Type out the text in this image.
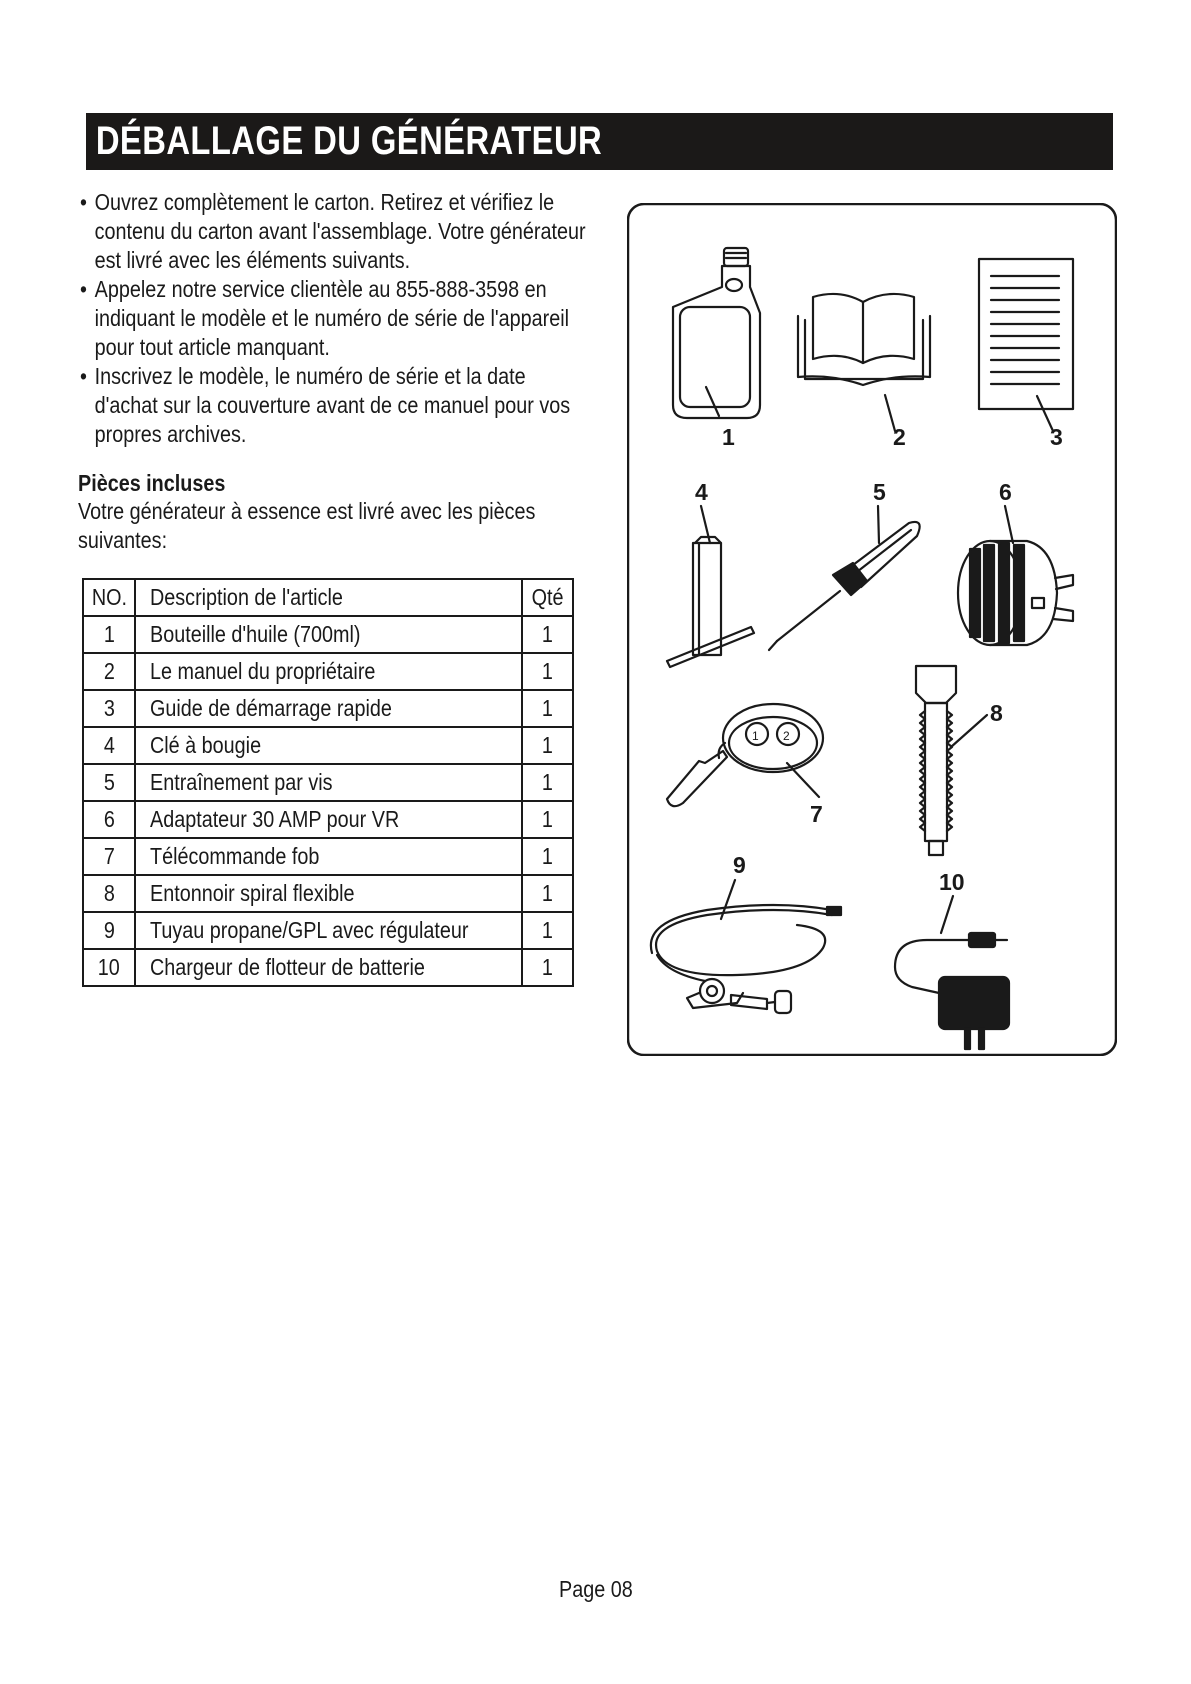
DÉBALLAGE DU GÉNÉRATEUR
• Ouvrez complètement le carton. Retirez et vérifiez le contenu du carton avant l'assemblage. Votre générateur est livré avec les éléments suivants.
• Appelez notre service clientèle au 855-888-3598 en indiquant le modèle et le numéro de série de l'appareil pour tout article manquant.
• Inscrivez le modèle, le numéro de série et la date d'achat sur la couverture avant de ce manuel pour vos propres archives.

Pièces incluses

Votre générateur à essence est livré avec les pièces suivantes:

NO.	Description de l'article	Qté
1	Bouteille d'huile (700ml)	1
2	Le manuel du propriétaire	1
3	Guide de démarrage rapide	1
4	Clé à bougie	1
5	Entraînement par vis	1
6	Adaptateur 30 AMP pour VR	1
7	Télécommande fob	1
8	Entonnoir spiral flexible	1
9	Tuyau propane/GPL avec régulateur	1
10	Chargeur de flotteur de batterie	1
1	2	3
4	5	6
1 2
7
8
9
10
Page 08
